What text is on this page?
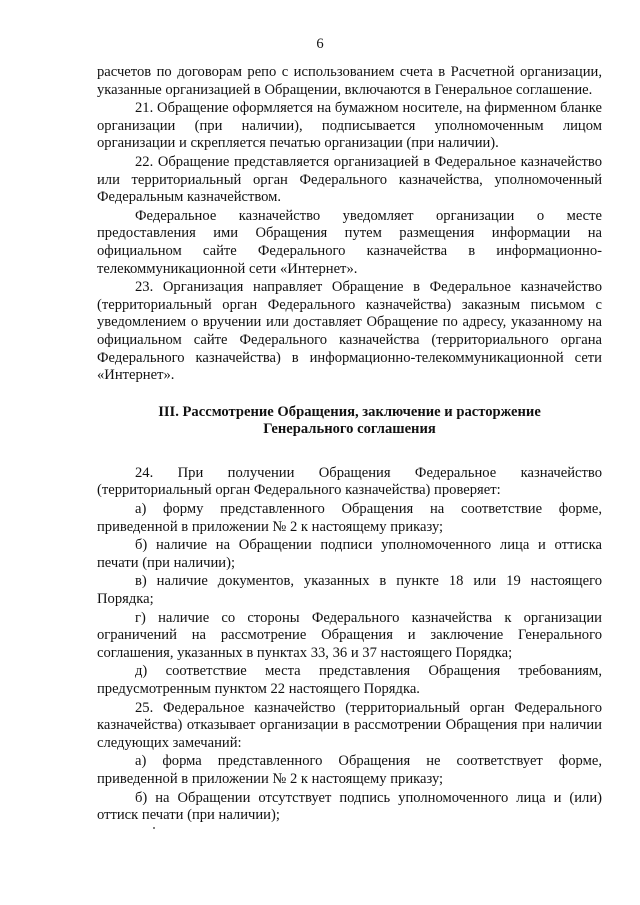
6

расчетов по договорам репо с использованием счета в Расчетной организации, указанные организацией в Обращении, включаются в Генеральное соглашение.

21. Обращение оформляется на бумажном носителе, на фирменном бланке организации (при наличии), подписывается уполномоченным лицом организации и скрепляется печатью организации (при наличии).

22. Обращение представляется организацией в Федеральное казначейство или территориальный орган Федерального казначейства, уполномоченный Федеральным казначейством.

Федеральное казначейство уведомляет организации о месте предоставления ими Обращения путем размещения информации на официальном сайте Федерального казначейства в информационно-телекоммуникационной сети «Интернет».

23. Организация направляет Обращение в Федеральное казначейство (территориальный орган Федерального казначейства) заказным письмом с уведомлением о вручении или доставляет Обращение по адресу, указанному на официальном сайте Федерального казначейства (территориального органа Федерального казначейства) в информационно-телекоммуникационной сети «Интернет».

III. Рассмотрение Обращения, заключение и расторжение
Генерального соглашения

24. При получении Обращения Федеральное казначейство (территориальный орган Федерального казначейства) проверяет:

а) форму представленного Обращения на соответствие форме, приведенной в приложении № 2 к настоящему приказу;

б) наличие на Обращении подписи уполномоченного лица и оттиска печати (при наличии);

в) наличие документов, указанных в пункте 18 или 19 настоящего Порядка;

г) наличие со стороны Федерального казначейства к организации ограничений на рассмотрение Обращения и заключение Генерального соглашения, указанных в пунктах 33, 36 и 37 настоящего Порядка;

д) соответствие места представления Обращения требованиям, предусмотренным пунктом 22 настоящего Порядка.

25. Федеральное казначейство (территориальный орган Федерального казначейства) отказывает организации в рассмотрении Обращения при наличии следующих замечаний:

а) форма представленного Обращения не соответствует форме, приведенной в приложении № 2 к настоящему приказу;

б) на Обращении отсутствует подпись уполномоченного лица и (или) оттиск печати (при наличии);
